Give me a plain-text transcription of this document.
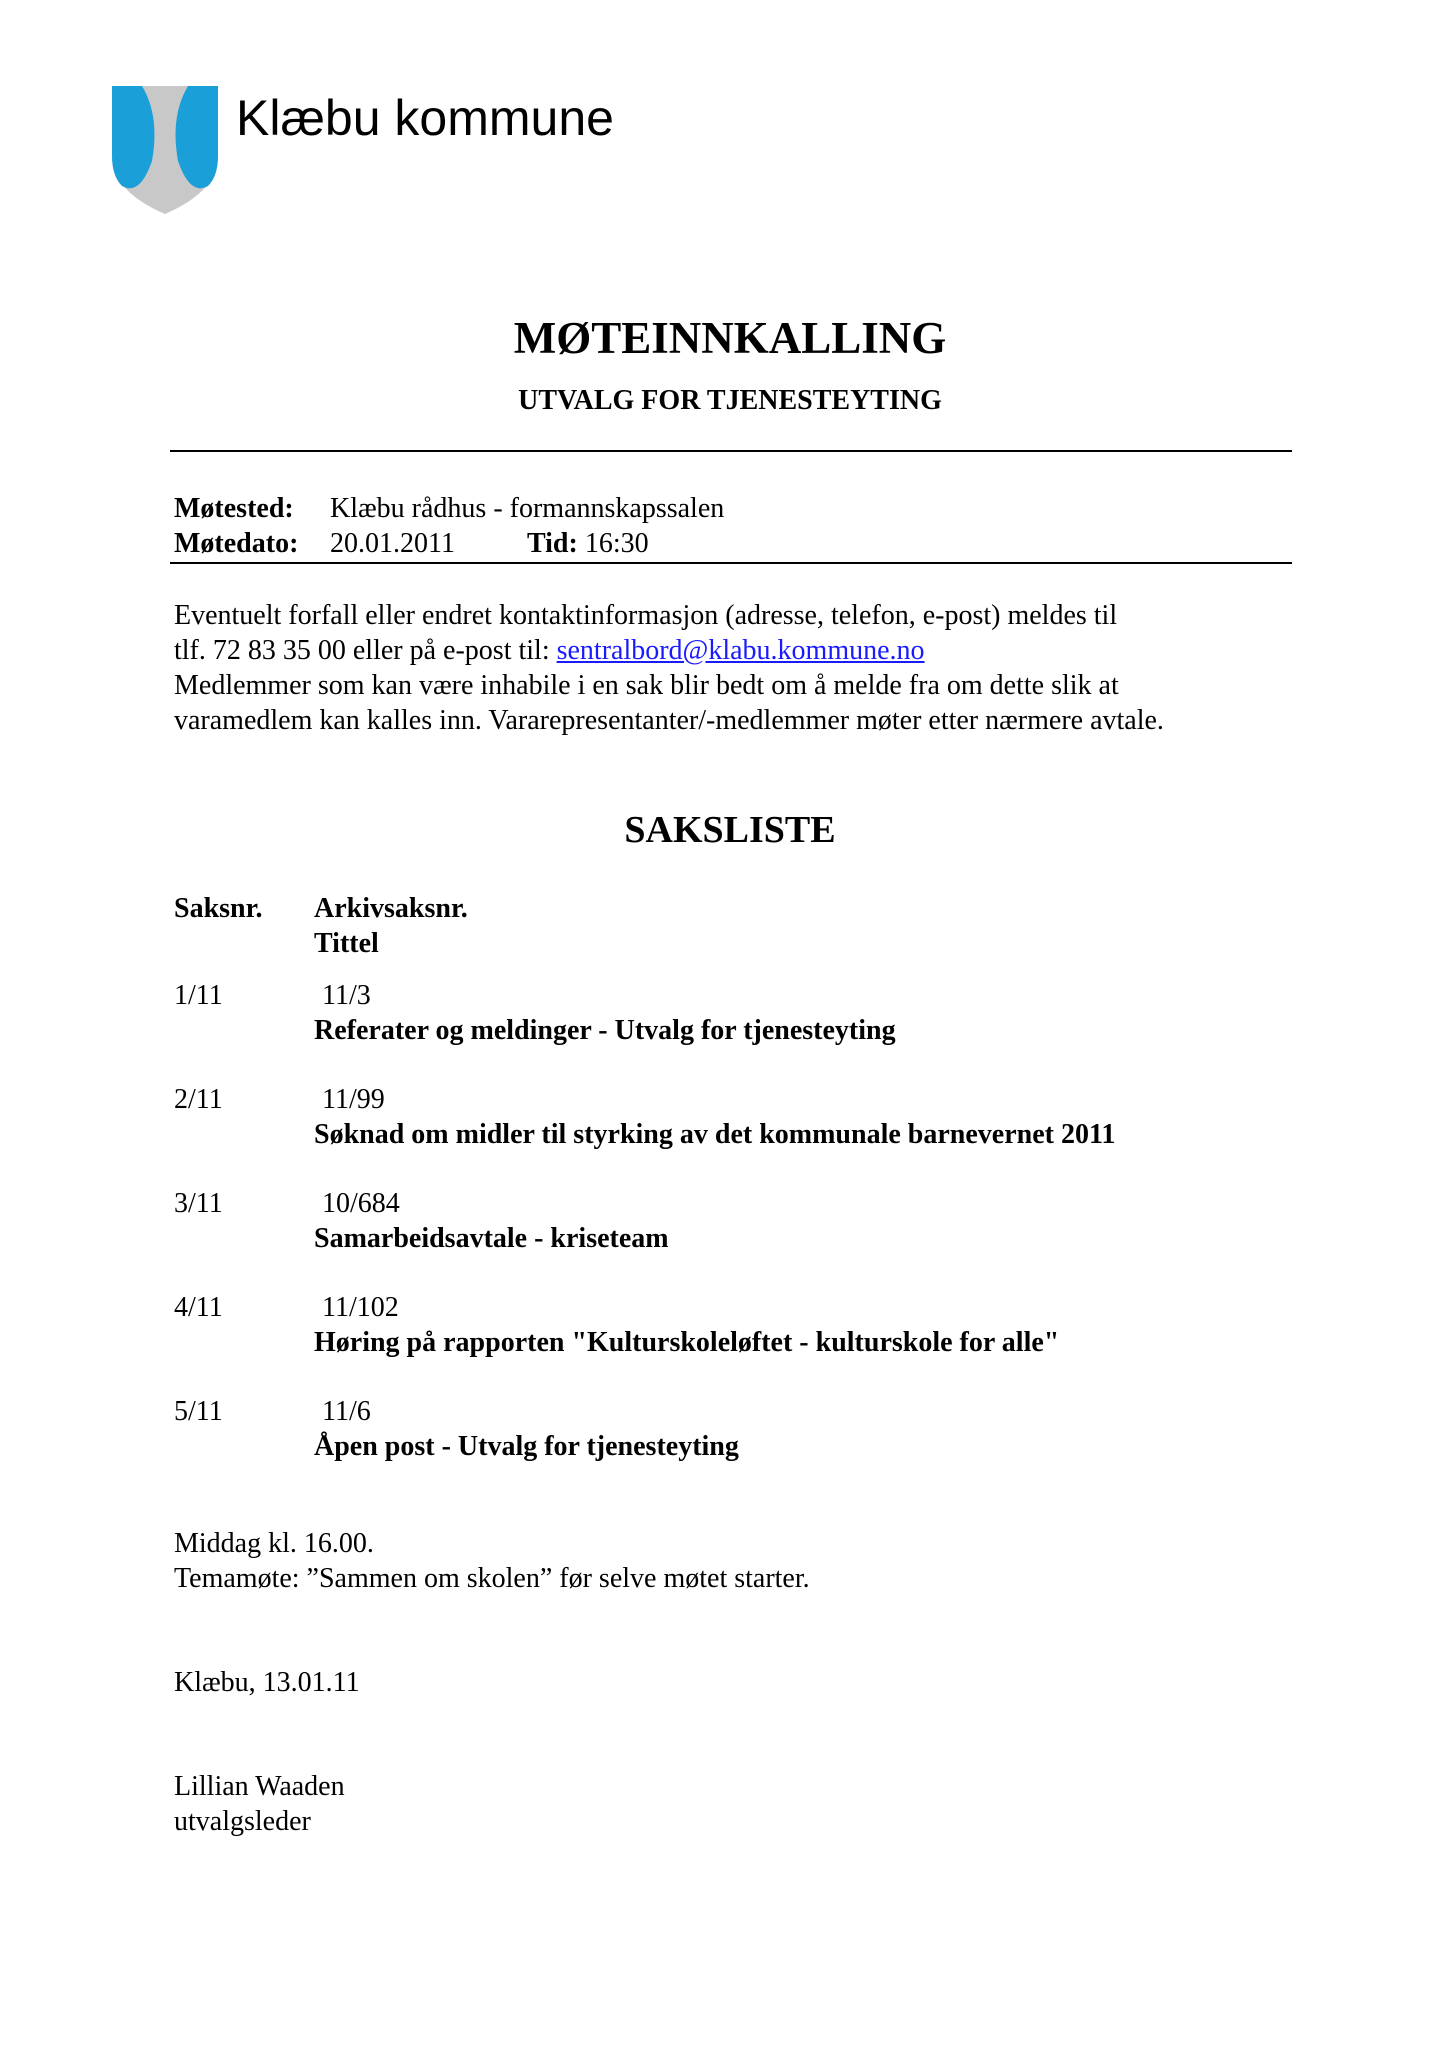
Klæbu kommune
MØTEINNKALLING
UTVALG FOR TJENESTEYTING
Møtested: Klæbu rådhus - formannskapssalen
Møtedato: 20.01.2011	Tid: 16:30
Eventuelt forfall eller endret kontaktinformasjon (adresse, telefon, e-post) meldes til
tlf. 72 83 35 00 eller på e-post til: sentralbord@klabu.kommune.no
Medlemmer som kan være inhabile i en sak blir bedt om å melde fra om dette slik at
varamedlem kan kalles inn. Vararepresentanter/-medlemmer møter etter nærmere avtale.
SAKSLISTE
Saksnr. Arkivsaksnr.
Tittel
1/11	11/3
Referater og meldinger - Utvalg for tjenesteyting
2/11	11/99
Søknad om midler til styrking av det kommunale barnevernet 2011
3/11	10/684
Samarbeidsavtale - kriseteam
4/11	11/102
Høring på rapporten "Kulturskoleløftet - kulturskole for alle"
5/11	11/6
Åpen post - Utvalg for tjenesteyting
Middag kl. 16.00.
Temamøte: ”Sammen om skolen” før selve møtet starter.
Klæbu, 13.01.11
Lillian Waaden
utvalgsleder
